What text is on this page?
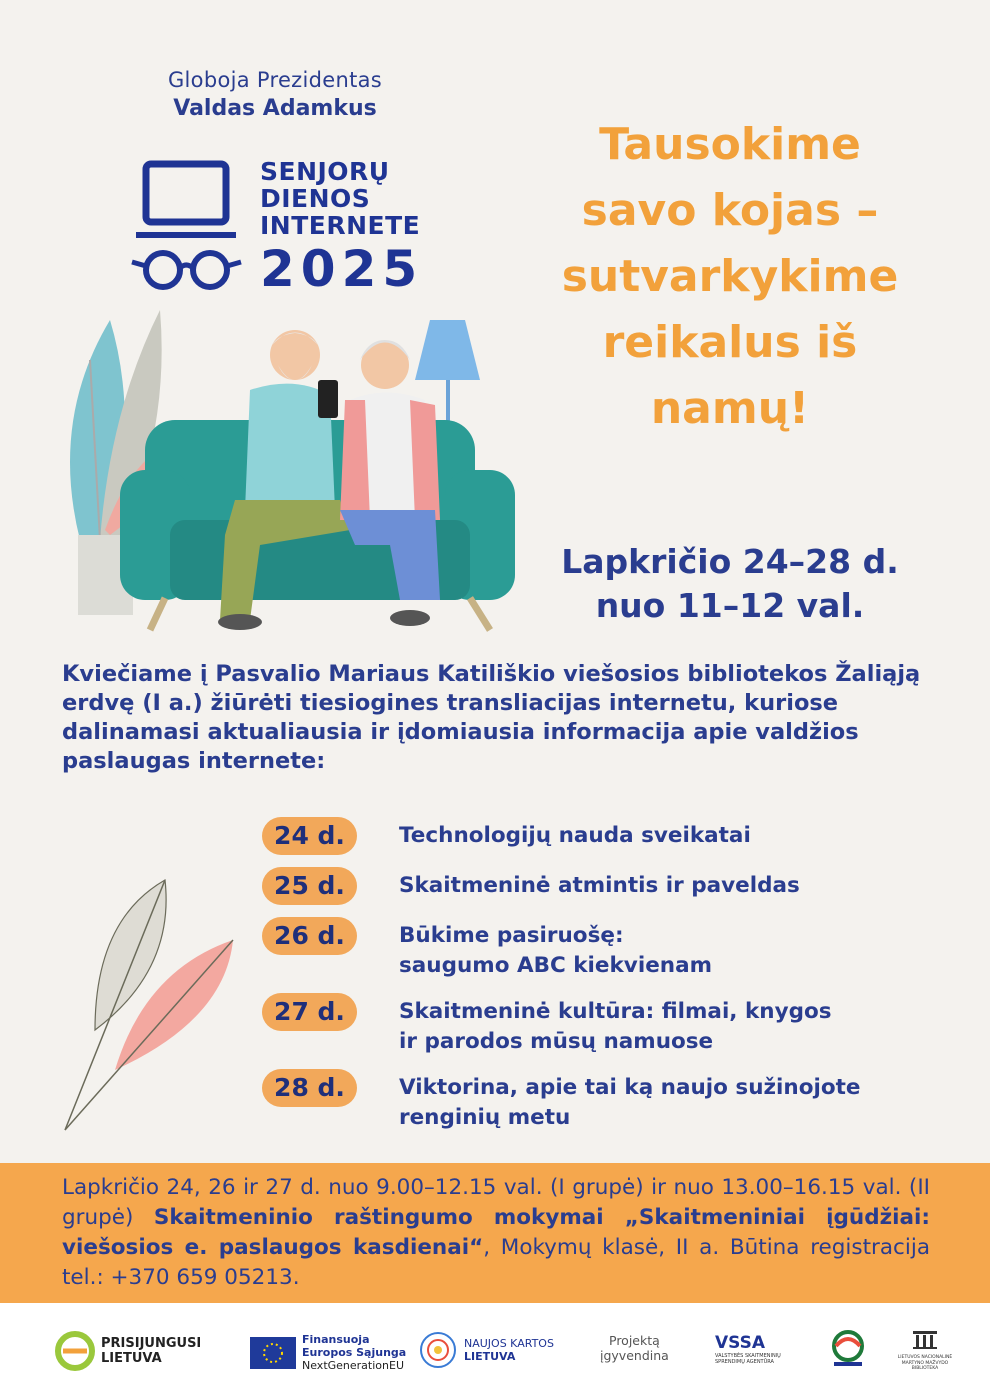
Globoja Prezidentas
Valdas Adamkus
SENJORŲ
DIENOS
INTERNETE
2025
Tausokime
savo kojas –
sutvarkykime
reikalus iš
namų!
Lapkričio 24–28 d.
nuo 11–12 val.
Kviečiame į Pasvalio Mariaus Katiliškio viešosios bibliotekos Žaliąją erdvę (I a.) žiūrėti tiesiogines transliacijas internetu, kuriose dalinamasi aktualiausia ir įdomiausia informacija apie valdžios paslaugas internete:
24 d.	Technologijų nauda sveikatai
25 d.	Skaitmeninė atmintis ir paveldas
26 d.	Būkime pasiruošę:
saugumo ABC kiekvienam
27 d.	Skaitmeninė kultūra: filmai, knygos
ir parodos mūsų namuose
28 d.	Viktorina, apie tai ką naujo sužinojote
renginių metu
Lapkričio 24, 26 ir 27 d. nuo 9.00–12.15 val. (I grupė) ir nuo 13.00–16.15 val. (II grupė) Skaitmeninio raštingumo mokymai „Skaitmeniniai įgūdžiai: viešosios e. paslaugos kasdienai“, Mokymų klasė, II a. Būtina registracija tel.: +370 659 05213.
PRISIJUNGUSI
LIETUVA
Finansuoja
Europos Sąjunga
NextGenerationEU
NAUJOS KARTOS
LIETUVA
Projektą
įgyvendina
VSSA
VALSTYBĖS SKAITMENINIŲ SPRENDIMŲ AGENTŪRA
LIETUVOS NACIONALINĖ MARTYNO MAŽVYDO BIBLIOTEKA
